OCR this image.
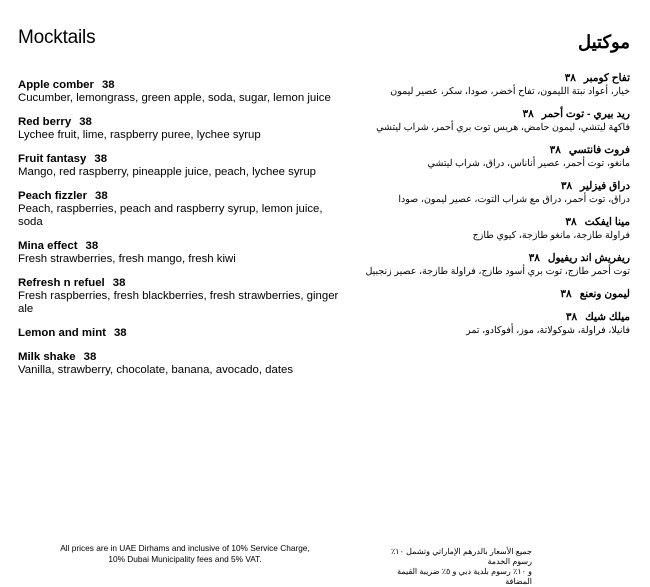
Mocktails	موكتيل
Apple comber 38
Cucumber, lemongrass, green apple, soda, sugar, lemon juice
Red berry 38
Lychee fruit, lime, raspberry puree, lychee syrup
Fruit fantasy 38
Mango, red raspberry, pineapple juice, peach, lychee syrup
Peach fizzler 38
Peach, raspberries, peach and raspberry syrup, lemon juice, soda
Mina effect 38
Fresh strawberries, fresh mango, fresh kiwi
Refresh n refuel 38
Fresh raspberries, fresh blackberries, fresh strawberries, ginger ale
Lemon and mint 38
Milk shake 38
Vanilla, strawberry, chocolate, banana, avocado, dates
تفاح كومبر٣٨
خيار، أعواد نبتة الليمون، تفاح أخضر، صودا، سكر، عصير ليمون
ريد بيري - توت أحمر٣٨
فاكهة ليتشي، ليمون حامض، هريس توت بري أحمر، شراب ليتشي
فروت فانتسي٣٨
مانغو، توت أحمر، عصير أناناس، دراق، شراب ليتشي
دراق فيزلير٣٨
دراق، توت أحمر، دراق مع شراب التوت، عصير ليمون، صودا
مينا ايفكت٣٨
فراولة طازجة، مانغو طازجة، كيوي طازج
ريفريش اند ريفيول٣٨
توت أحمر طازج، توت بري أسود طازج، فراولة طازجة، عصير زنجبيل
ليمون ونعنع٣٨
ميلك شيك٣٨
فانيلا، فراولة، شوكولاتة، موز، أفوكادو، تمر
All prices are in UAE Dirhams and inclusive of 10% Service Charge,
10% Dubai Municipality fees and 5% VAT.
جميع الأسعار بالدرهم الإماراتي وتشمل ١٠٪ رسوم الخدمة
و ١٠٪ رسوم بلدية دبي و ٥٪ ضريبة القيمة المضافة
